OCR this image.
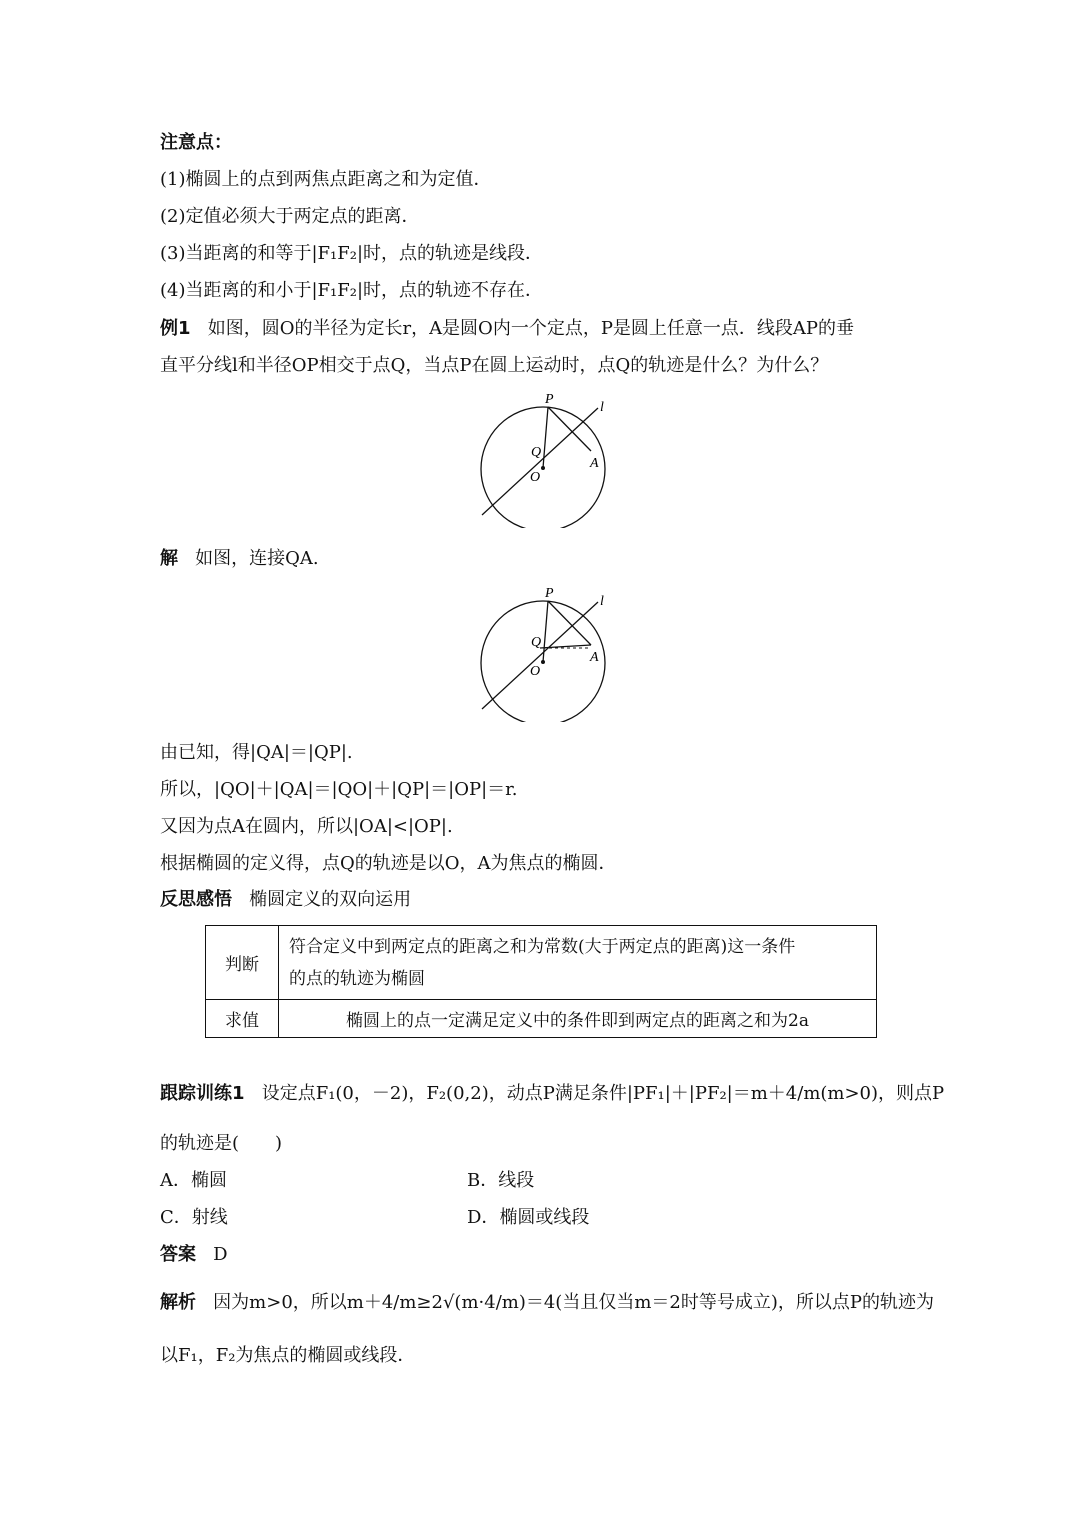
注意点：
(1)椭圆上的点到两焦点距离之和为定值．
(2)定值必须大于两定点的距离．
(3)当距离的和等于|F₁F₂|时，点的轨迹是线段．
(4)当距离的和小于|F₁F₂|时，点的轨迹不存在．
例1 如图，圆O的半径为定长r，A是圆O内一个定点，P是圆上任意一点．线段AP的垂
直平分线l和半径OP相交于点Q，当点P在圆上运动时，点Q的轨迹是什么？为什么？
P
l
Q
A
O
解 如图，连接QA.
P
l
Q
A
O
由已知，得|QA|＝|QP|.
所以，|QO|＋|QA|＝|QO|＋|QP|＝|OP|＝r.
又因为点A在圆内，所以|OA|<|OP|.
根据椭圆的定义得，点Q的轨迹是以O，A为焦点的椭圆．
反思感悟 椭圆定义的双向运用
判断	符合定义中到两定点的距离之和为常数(大于两定点的距离)这一条件
的点的轨迹为椭圆

求值	椭圆上的点一定满足定义中的条件即到两定点的距离之和为2a
跟踪训练1 设定点F₁(0，－2)，F₂(0,2)，动点P满足条件|PF₁|＋|PF₂|＝m＋4/m(m>0)，则点P
的轨迹是(　　)
A．椭圆	B．线段
C．射线	D．椭圆或线段
答案 D
解析 因为m>0，所以m＋4/m≥2√(m·4/m)＝4(当且仅当m＝2时等号成立)，所以点P的轨迹为
以F₁，F₂为焦点的椭圆或线段．
